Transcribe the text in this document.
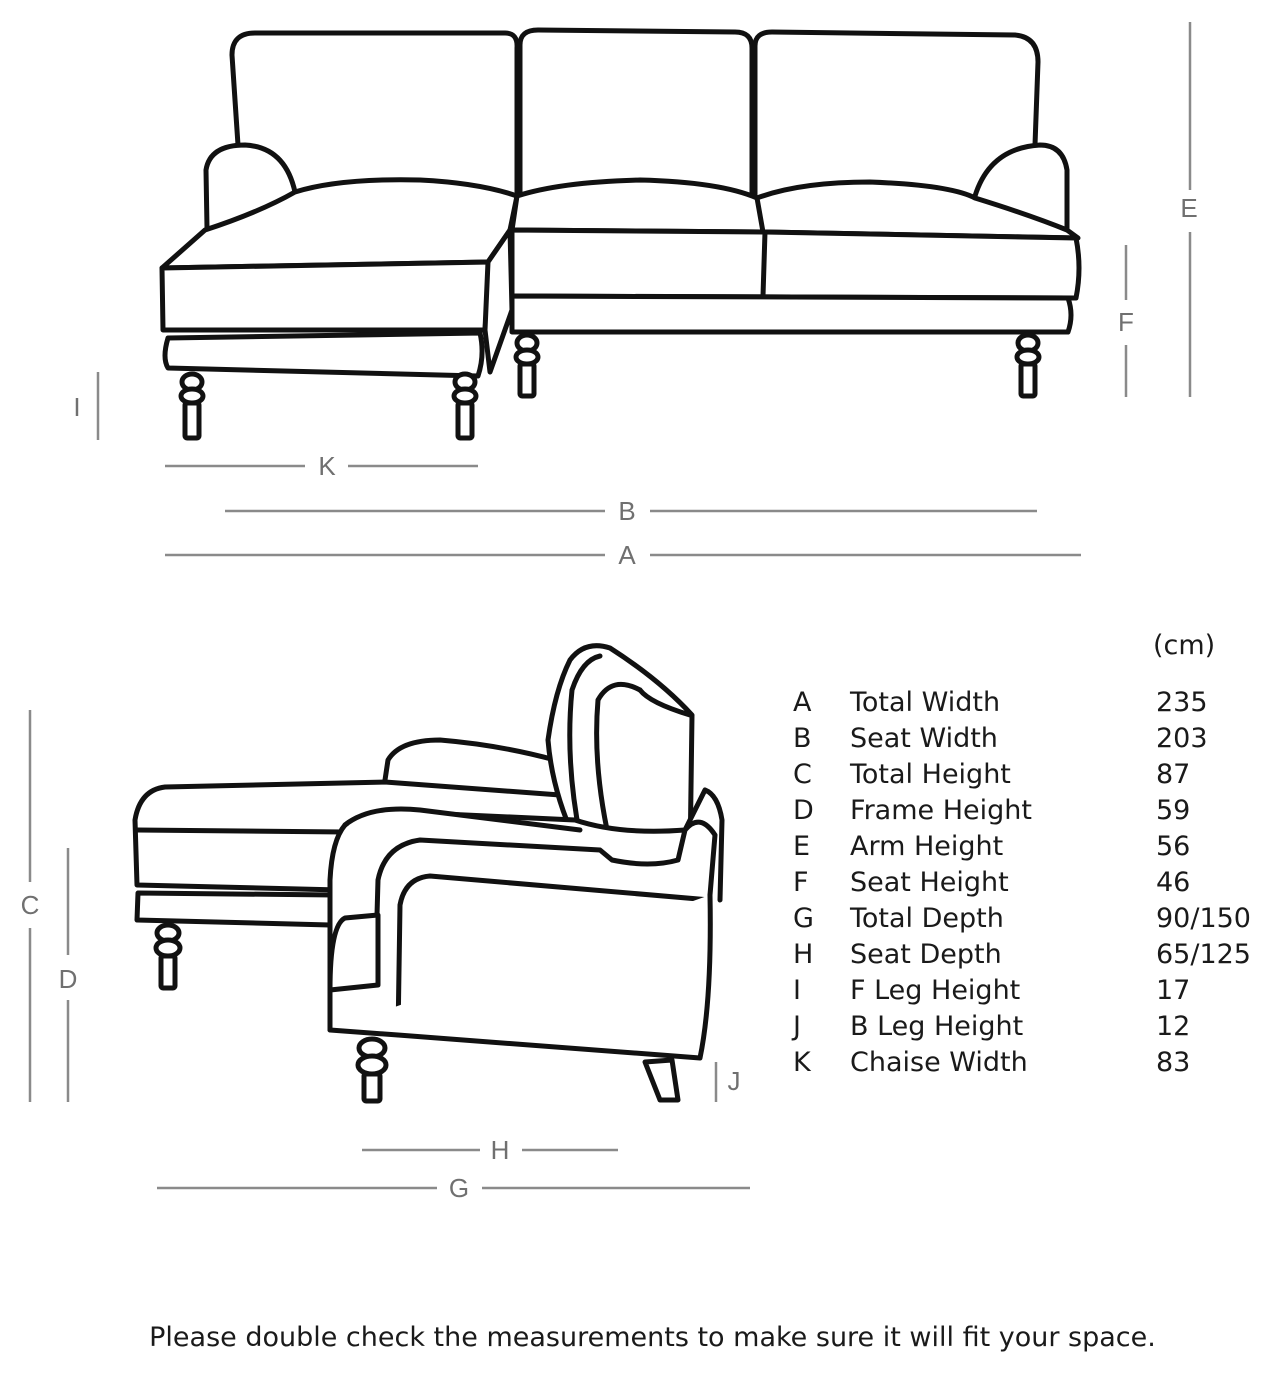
K
B
A
E
F
I
C
D
J
H
G
(cm)
A Total Width	235
B Seat Width	203
C Total Height	87
D Frame Height	59
E Arm Height	56
F Seat Height	46
G Total Depth	90/150
H Seat Depth	65/125
I F Leg Height	17
J B Leg Height	12
K Chaise Width	83
Please double check the measurements to make sure it will fit your space.
